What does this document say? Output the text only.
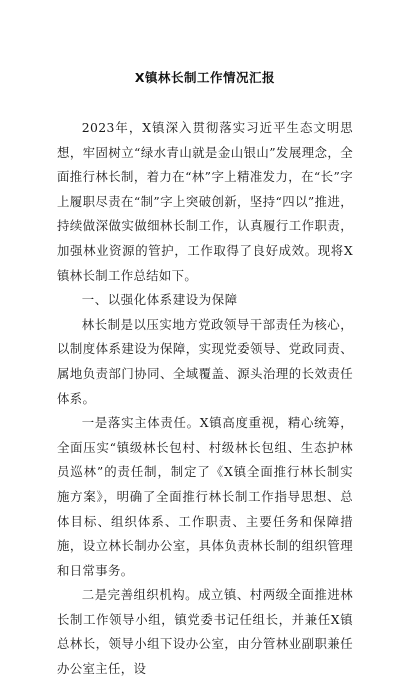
X镇林长制工作情况汇报

2023年，X镇深入贯彻落实习近平生态文明思想，牢固树立“绿水青山就是金山银山”发展理念，全面推行林长制，着力在“林”字上精准发力，在“长”字上履职尽责在“制”字上突破创新，坚持“四以”推进，持续做深做实做细林长制工作，认真履行工作职责，加强林业资源的管护，工作取得了良好成效。现将X镇林长制工作总结如下。

一、以强化体系建设为保障

林长制是以压实地方党政领导干部责任为核心，以制度体系建设为保障，实现党委领导、党政同责、属地负责部门协同、全域覆盖、源头治理的长效责任体系。

一是落实主体责任。X镇高度重视，精心统筹，全面压实“镇级林长包村、村级林长包组、生态护林员巡林”的责任制，制定了《X镇全面推行林长制实施方案》，明确了全面推行林长制工作指导思想、总体目标、组织体系、工作职责、主要任务和保障措施，设立林长制办公室，具体负责林长制的组织管理和日常事务。

二是完善组织机构。成立镇、村两级全面推进林长制工作领导小组，镇党委书记任组长，并兼任X镇总林长，领导小组下设办公室，由分管林业副职兼任办公室主任，设
